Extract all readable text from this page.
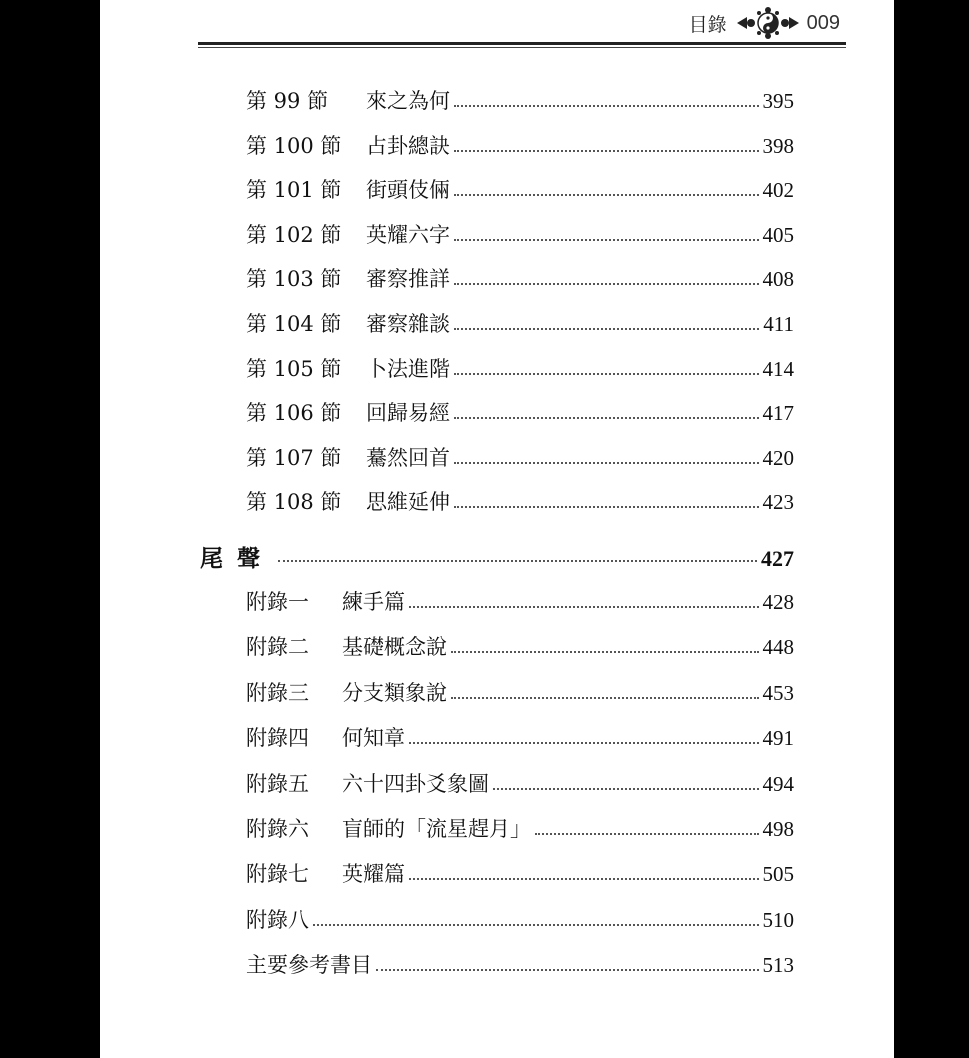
目錄	009
第 99 節	來之為何	395
第 100 節	占卦總訣	398
第 101 節	街頭伎倆	402
第 102 節	英耀六字	405
第 103 節	審察推詳	408
第 104 節	審察雜談	411
第 105 節	卜法進階	414
第 106 節	回歸易經	417
第 107 節	驀然回首	420
第 108 節	思維延伸	423
尾聲	427
附錄一	練手篇	428
附錄二	基礎概念說	448
附錄三	分支類象說	453
附錄四	何知章	491
附錄五	六十四卦爻象圖	494
附錄六	盲師的「流星趕月」	498
附錄七	英耀篇	505
附錄八	510
主要參考書目	513
